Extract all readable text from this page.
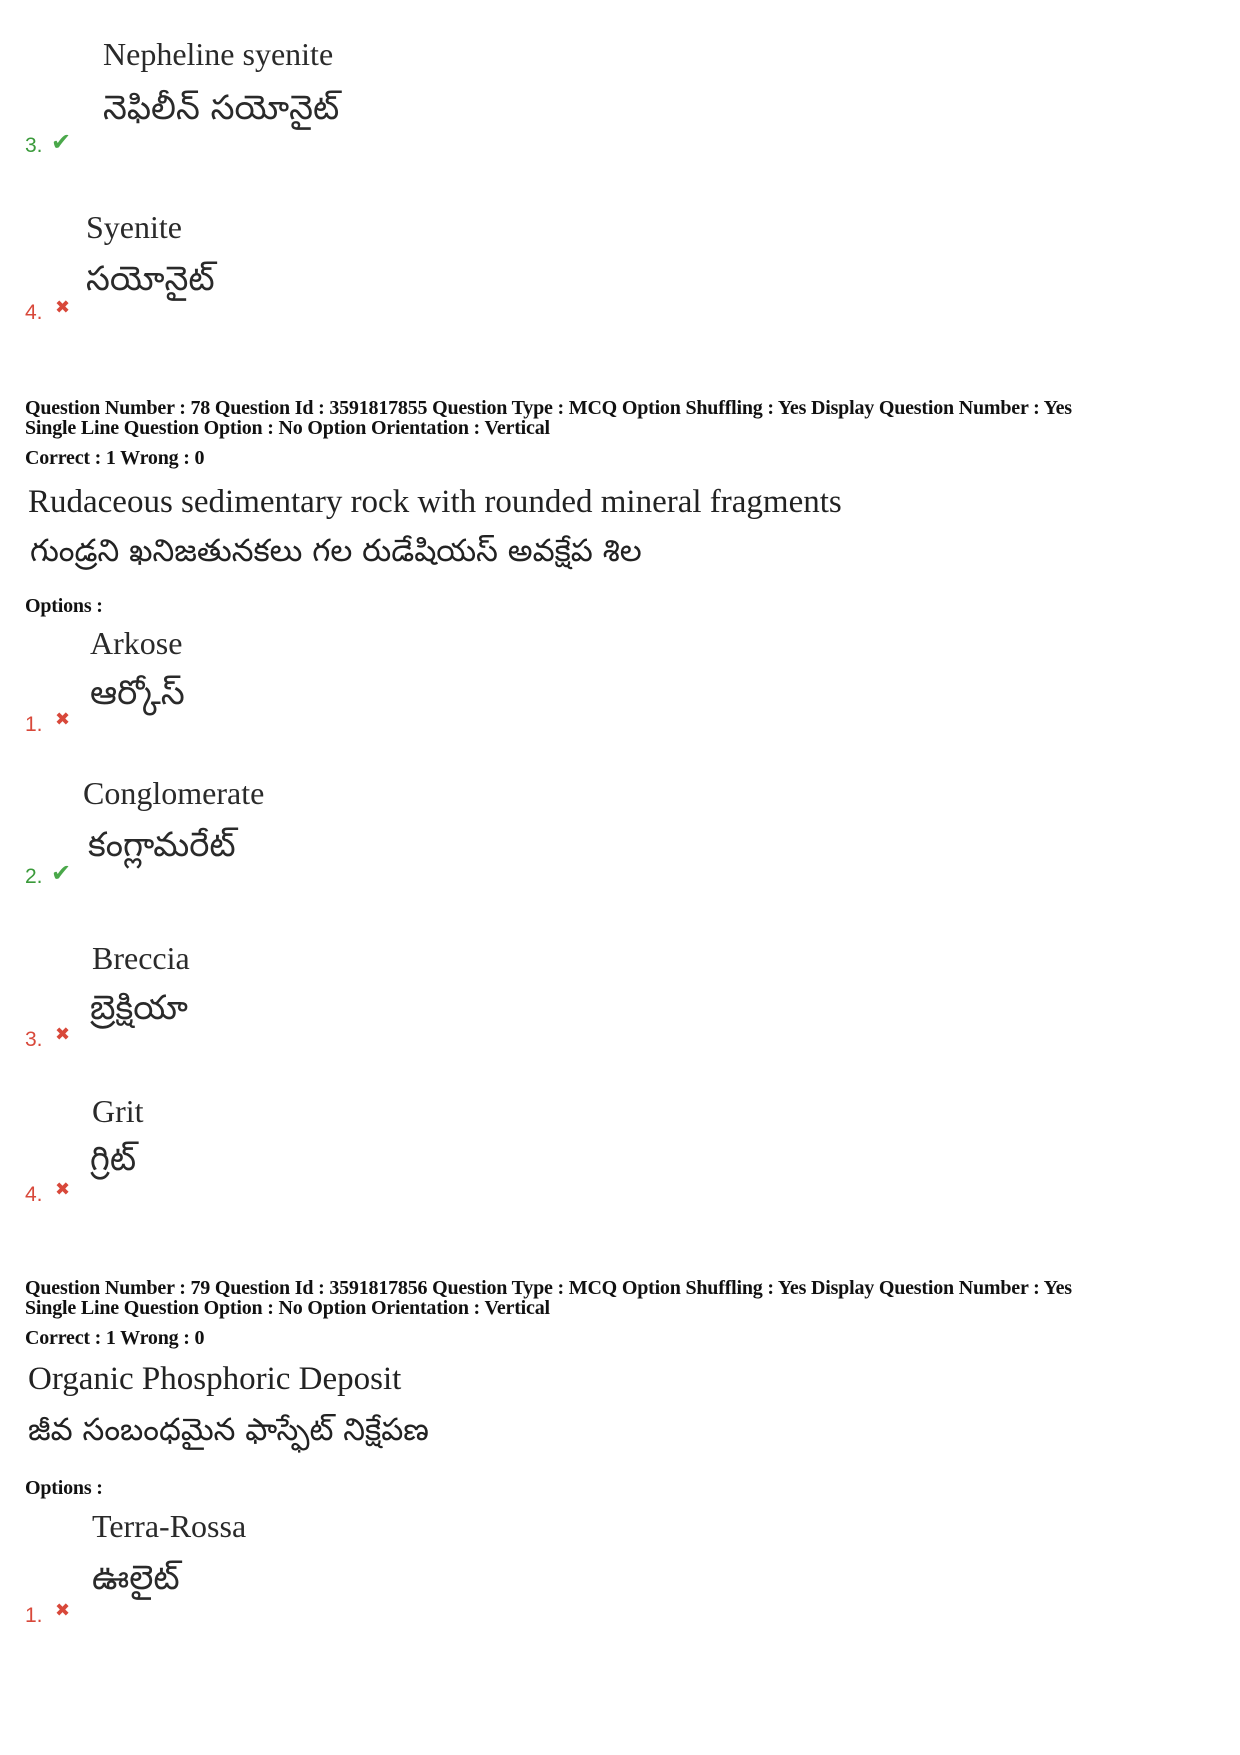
Nepheline syenite
నెఫిలీన్ సయోనైట్
3. ✔
Syenite
సయోనైట్
4. ✖
Question Number : 78 Question Id : 3591817855 Question Type : MCQ Option Shuffling : Yes Display Question Number : Yes
Single Line Question Option : No Option Orientation : Vertical
Correct : 1 Wrong : 0
Rudaceous sedimentary rock with rounded mineral fragments
గుండ్రని ఖనిజతునకలు గల రుడేషియస్ అవక్షేప శిల
Options :
Arkose
ఆర్కోస్
1. ✖
Conglomerate
కంగ్లామరేట్
2. ✔
Breccia
బ్రెక్షియా
3. ✖
Grit
గ్రిట్
4. ✖
Question Number : 79 Question Id : 3591817856 Question Type : MCQ Option Shuffling : Yes Display Question Number : Yes
Single Line Question Option : No Option Orientation : Vertical
Correct : 1 Wrong : 0
Organic Phosphoric Deposit
జీవ సంబంధమైన ఫాస్ఫేట్ నిక్షేపణ
Options :
Terra-Rossa
ఊలైట్
1. ✖
